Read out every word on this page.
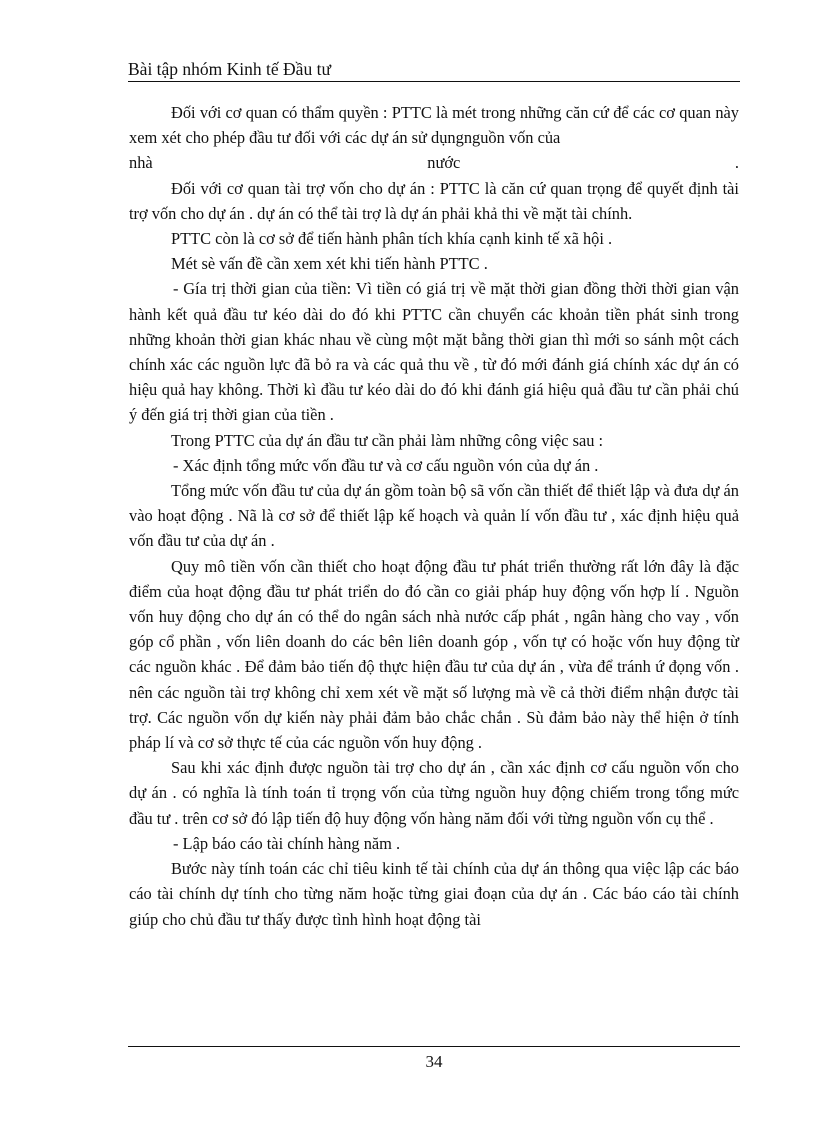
Bài tập nhóm Kinh tế Đầu tư

Đối với cơ quan có thẩm quyền : PTTC là mét trong những căn cứ để các cơ quan này xem xét cho phép đầu tư đối với các dự án sử dụngnguồn vốn của

nhà nước .

Đối với cơ quan tài trợ vốn cho dự án : PTTC là căn cứ quan trọng để quyết định tài trợ vốn cho dự án . dự án có thể tài trợ là dự án phải khả thi về mặt tài chính.

PTTC còn là cơ sở để tiến hành phân tích khía cạnh kinh tế xã hội .

Mét sè vấn đề cần xem xét khi tiến hành PTTC .

- Gía trị thời gian của tiền: Vì tiền có giá trị về mặt thời gian đồng thời thời gian vận hành kết quả đầu tư kéo dài do đó khi PTTC cần chuyển các khoản tiền phát sinh trong những khoản thời gian khác nhau về cùng một mặt bằng thời gian thì mới so sánh một cách chính xác các nguồn lực đã bỏ ra và các quả thu về , từ đó mới đánh giá chính xác dự án có hiệu quả hay không. Thời kì đầu tư kéo dài do đó khi đánh giá hiệu quả đầu tư cần phải chú ý đến giá trị thời gian của tiền .

Trong PTTC của dự án đầu tư cần phải làm những công việc sau :

- Xác định tổng mức vốn đầu tư và cơ cấu nguồn vón của dự án .

Tổng mức vốn đầu tư của dự án gồm toàn bộ sã vốn cần thiết để thiết lập và đưa dự án vào hoạt động . Nã là cơ sở để thiết lập kế hoạch và quản lí vốn đầu tư , xác định hiệu quả vốn đầu tư của dự án .

Quy mô tiền vốn cần thiết cho hoạt động đầu tư phát triển thường rất lớn đây là đặc điểm của hoạt động đầu tư phát triển do đó cần co giải pháp huy động vốn hợp lí . Nguồn vốn huy động cho dự án có thể do ngân sách nhà nước cấp phát , ngân hàng cho vay , vốn góp cổ phần , vốn liên doanh do các bên liên doanh góp , vốn tự có hoặc vốn huy động từ các nguồn khác . Để đảm bảo tiến độ thực hiện đầu tư của dự án , vừa để tránh ứ đọng vốn . nên các nguồn tài trợ không chỉ xem xét về mặt số lượng mà về cả thời điểm nhận được tài trợ. Các nguồn vốn dự kiến này phải đảm bảo chắc chắn . Sù đảm bảo này thể hiện ở tính pháp lí và cơ sở thực tế của các nguồn vốn huy động .

Sau khi xác định được nguồn tài trợ cho dự án , cần xác định cơ cấu nguồn vốn cho dự án . có nghĩa là tính toán tỉ trọng vốn của từng nguồn huy động chiếm trong tổng mức đầu tư . trên cơ sở đó lập tiến độ huy động vốn hàng năm đối với từng nguồn vốn cụ thể .

- Lập báo cáo tài chính hàng năm .

Bước này tính toán các chỉ tiêu kinh tế tài chính của dự án thông qua việc lập các báo cáo tài chính dự tính cho từng năm hoặc từng giai đoạn của dự án . Các báo cáo tài chính giúp cho chủ đầu tư thấy được tình hình hoạt động tài

34
